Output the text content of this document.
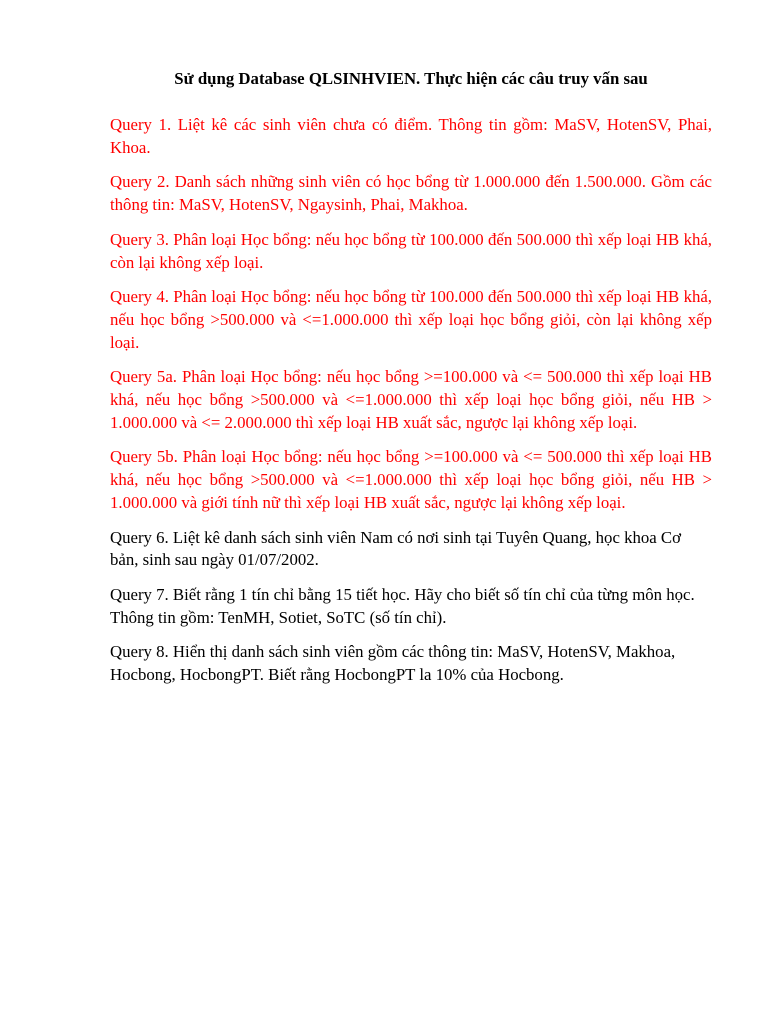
Sử dụng Database QLSINHVIEN. Thực hiện các câu truy vấn sau

Query 1. Liệt kê các sinh viên chưa có điểm. Thông tin gồm: MaSV, HotenSV, Phai, Khoa.

Query 2. Danh sách những sinh viên có học bổng từ 1.000.000 đến 1.500.000. Gồm các thông tin: MaSV, HotenSV, Ngaysinh, Phai, Makhoa.

Query 3. Phân loại Học bổng: nếu học bổng từ 100.000 đến 500.000 thì xếp loại HB khá, còn lại không xếp loại.

Query 4. Phân loại Học bổng: nếu học bổng từ 100.000 đến 500.000 thì xếp loại HB khá, nếu học bổng >500.000 và <=1.000.000 thì xếp loại học bổng giỏi, còn lại không xếp loại.

Query 5a. Phân loại Học bổng: nếu học bổng >=100.000 và <= 500.000 thì xếp loại HB khá, nếu học bổng >500.000 và <=1.000.000 thì xếp loại học bổng giỏi, nếu HB > 1.000.000 và <= 2.000.000 thì xếp loại HB xuất sắc, ngược lại không xếp loại.

Query 5b. Phân loại Học bổng: nếu học bổng >=100.000 và <= 500.000 thì xếp loại HB khá, nếu học bổng >500.000 và <=1.000.000 thì xếp loại học bổng giỏi, nếu HB > 1.000.000 và giới tính nữ thì xếp loại HB xuất sắc, ngược lại không xếp loại.

Query 6. Liệt kê danh sách sinh viên Nam có nơi sinh tại Tuyên Quang, học khoa Cơ bản, sinh sau ngày 01/07/2002.

Query 7. Biết rằng 1 tín chỉ bằng 15 tiết học. Hãy cho biết số tín chỉ của từng môn học. Thông tin gồm: TenMH, Sotiet, SoTC (số tín chỉ).

Query 8. Hiển thị danh sách sinh viên gồm các thông tin: MaSV, HotenSV, Makhoa, Hocbong, HocbongPT. Biết rằng HocbongPT la 10% của Hocbong.
